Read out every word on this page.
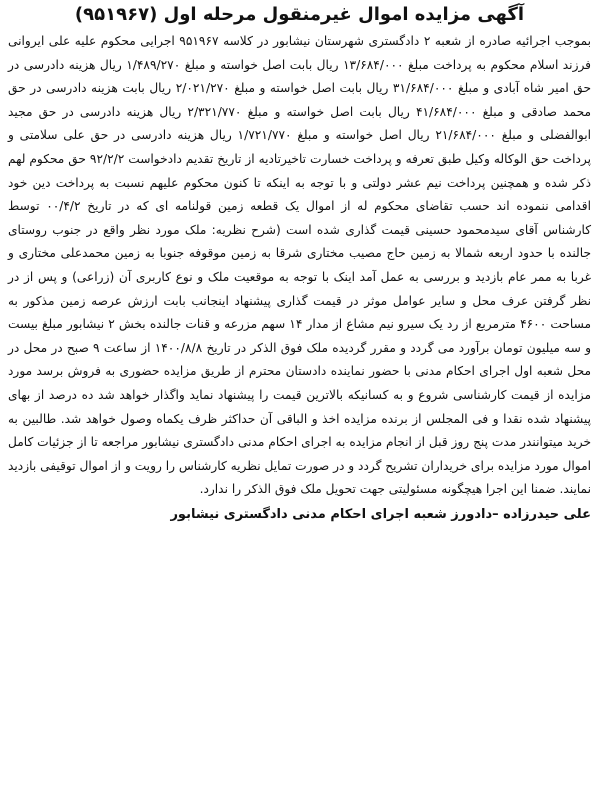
آگهی مزایده اموال غیرمنقول مرحله اول (۹۵۱۹۶۷)

بموجب اجرائیه صادره از شعبه ۲ دادگستری شهرستان نیشابور در کلاسه ۹۵۱۹۶۷ اجرایی محکوم علیه علی ایروانی فرزند اسلام محکوم به پرداخت مبلغ ۱۳/۶۸۴/۰۰۰ ریال بابت اصل خواسته و مبلغ ۱/۴۸۹/۲۷۰ ریال هزینه دادرسی در حق امیر شاه آبادی و مبلغ ۳۱/۶۸۴/۰۰۰ ریال بابت اصل خواسته و مبلغ ۲/۰۲۱/۲۷۰ ریال بابت هزینه دادرسی در حق محمد صادقی و مبلغ ۴۱/۶۸۴/۰۰۰ ریال بابت اصل خواسته و مبلغ ۲/۳۲۱/۷۷۰ ریال هزینه دادرسی در حق مجید ابوالفضلی و مبلغ ۲۱/۶۸۴/۰۰۰ ریال اصل خواسته و مبلغ ۱/۷۲۱/۷۷۰ ریال هزینه دادرسی در حق علی سلامتی و پرداخت حق الوکاله وکیل طبق تعرفه و پرداخت خسارت تاخیرتادیه از تاریخ تقدیم دادخواست ۹۲/۲/۲ حق محکوم لهم ذکر شده و همچنین پرداخت نیم عشر دولتی و با توجه به اینکه تا کنون محکوم علیهم نسبت به پرداخت دین خود اقدامی ننموده اند حسب تقاضای محکوم له از اموال یک قطعه زمین قولنامه ای که در تاریخ ۰۰/۴/۲ توسط کارشناس آقای سیدمحمود حسینی قیمت گذاری شده است (شرح نظریه: ملک مورد نظر واقع در جنوب روستای جالنده با حدود اربعه شمالا به زمین حاج مصیب مختاری شرقا به زمین موقوفه جنوبا به زمین محمدعلی مختاری و غربا به ممر عام بازدید و بررسی به عمل آمد اینک با توجه به موقعیت ملک و نوع کاربری آن (زراعی) و پس از در نظر گرفتن عرف محل و سایر عوامل موثر در قیمت گذاری پیشنهاد اینجانب بابت ارزش عرصه زمین مذکور به مساحت ۴۶۰۰ مترمربع از رد یک سیرو نیم مشاع از مدار ۱۴ سهم مزرعه و قنات جالنده بخش ۲ نیشابور مبلغ بیست و سه میلیون تومان برآورد می گردد و مقرر گردیده ملک فوق الذکر در تاریخ ۱۴۰۰/۸/۸ از ساعت ۹ صبح در محل در محل شعبه اول اجرای احکام مدنی با حضور نماینده دادستان محترم از طریق مزایده حضوری به فروش برسد مورد مزایده از قیمت کارشناسی شروع و به کسانیکه بالاترین قیمت را پیشنهاد نماید واگذار خواهد شد ده درصد از بهای پیشنهاد شده نقدا و فی المجلس از برنده مزایده اخذ و الباقی آن حداکثر ظرف یکماه وصول خواهد شد. طالبین به خرید میتوانندر مدت پنج روز قبل از انجام مزایده به اجرای احکام مدنی دادگستری نیشابور مراجعه تا از جزئیات کامل اموال مورد مزایده برای خریداران تشریح گردد و در صورت تمایل نظریه کارشناس را رویت و از اموال توقیفی بازدید نمایند. ضمنا این اجرا هیچگونه مسئولیتی جهت تحویل ملک فوق الذکر را ندارد.

علی حیدرزاده –دادورز شعبه اجرای احکام مدنی دادگستری نیشابور
